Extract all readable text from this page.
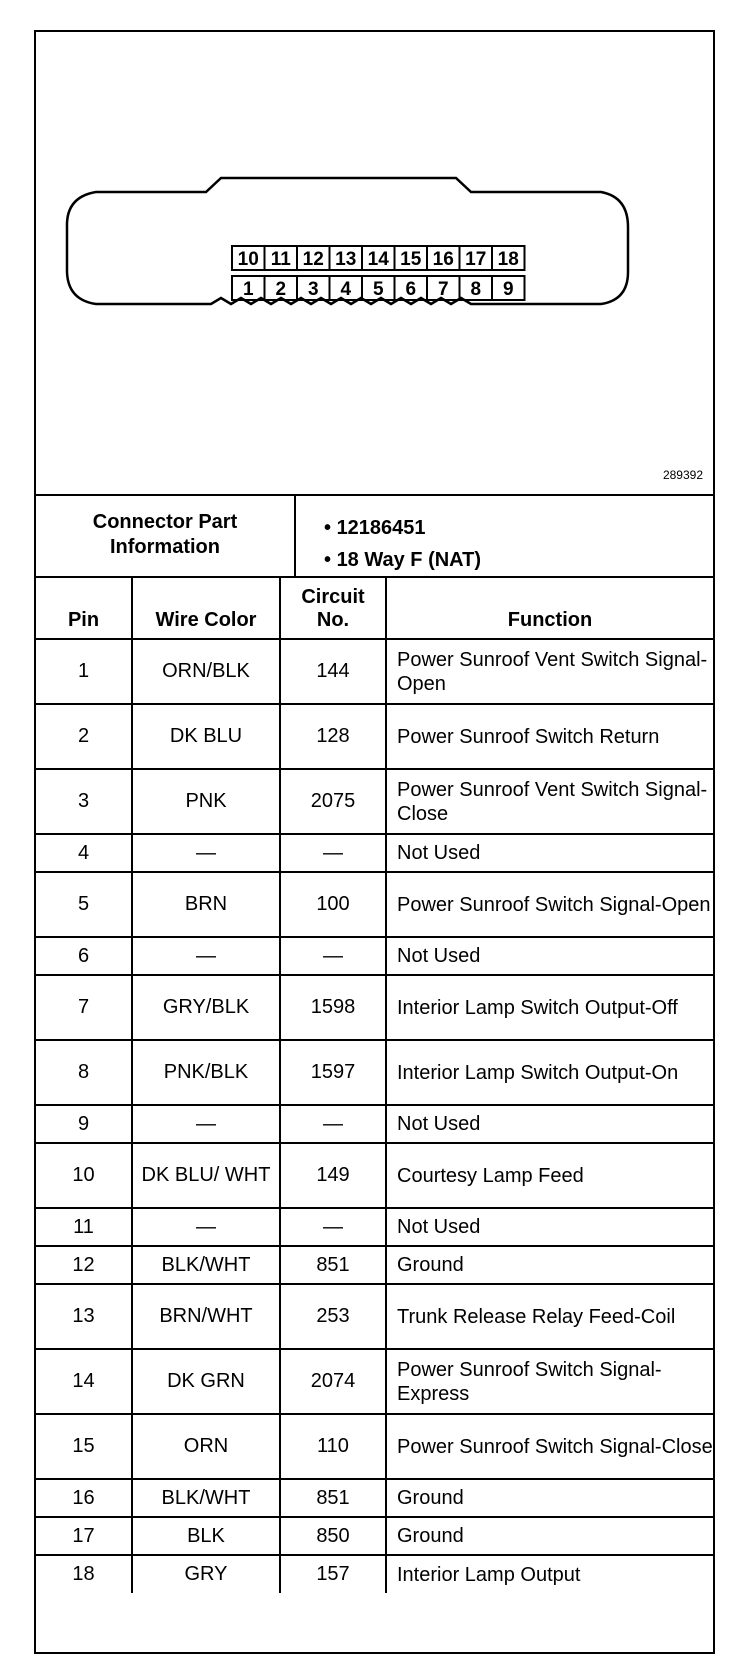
10 11 12 13 14 15 16 17 18
1 2 3 4 5 6 7 8 9
289392
Connector Part
Information
• 12186451
• 18 Way F (NAT)
Pin	Wire Color	Circuit
No.	Function
1	ORN/BLK	144	Power Sunroof Vent Switch Signal-Open
2	DK BLU	128	Power Sunroof Switch Return
3	PNK	2075	Power Sunroof Vent Switch Signal-Close
4	—	—	Not Used
5	BRN	100	Power Sunroof Switch Signal-Open
6	—	—	Not Used
7	GRY/BLK	1598	Interior Lamp Switch Output-Off
8	PNK/BLK	1597	Interior Lamp Switch Output-On
9	—	—	Not Used
10	DK BLU/ WHT	149	Courtesy Lamp Feed
11	—	—	Not Used
12	BLK/WHT	851	Ground
13	BRN/WHT	253	Trunk Release Relay Feed-Coil
14	DK GRN	2074	Power Sunroof Switch Signal- Express
15	ORN	110	Power Sunroof Switch Signal-Close
16	BLK/WHT	851	Ground
17	BLK	850	Ground
18	GRY	157	Interior Lamp Output
